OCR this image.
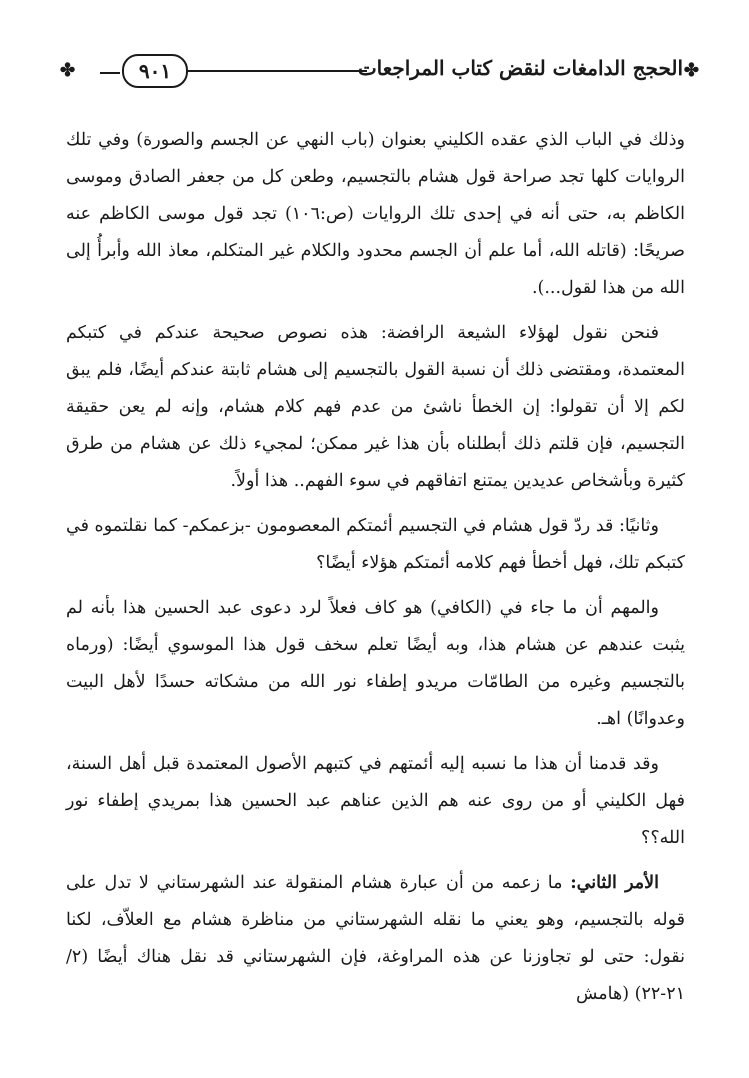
✤
الحجج الدامغات لنقض كتاب المراجعات
٩٠١
✤

وذلك في الباب الذي عقده الكليني بعنوان (باب النهي عن الجسم والصورة) وفي تلك الروايات كلها تجد صراحة قول هشام بالتجسيم، وطعن كل من جعفر الصادق وموسى الكاظم به، حتى أنه في إحدى تلك الروايات (ص:١٠٦) تجد قول موسى الكاظم عنه صريحًا: (قاتله الله، أما علم أن الجسم محدود والكلام غير المتكلم، معاذ الله وأبرأُ إلى الله من هذا لقول...).

فنحن نقول لهؤلاء الشيعة الرافضة: هذه نصوص صحيحة عندكم في كتبكم المعتمدة، ومقتضى ذلك أن نسبة القول بالتجسيم إلى هشام ثابتة عندكم أيضًا، فلم يبق لكم إلا أن تقولوا: إن الخطأ ناشئ من عدم فهم كلام هشام، وإنه لم يعن حقيقة التجسيم، فإن قلتم ذلك أبطلناه بأن هذا غير ممكن؛ لمجيء ذلك عن هشام من طرق كثيرة وبأشخاص عديدين يمتنع اتفاقهم في سوء الفهم.. هذا أولاً.

وثانيًا: قد ردّ قول هشام في التجسيم أئمتكم المعصومون -بزعمكم- كما نقلتموه في كتبكم تلك، فهل أخطأ فهم كلامه أئمتكم هؤلاء أيضًا؟

والمهم أن ما جاء في (الكافي) هو كاف فعلاً لرد دعوى عبد الحسين هذا بأنه لم يثبت عندهم عن هشام هذا، وبه أيضًا تعلم سخف قول هذا الموسوي أيضًا: (ورماه بالتجسيم وغيره من الطامّات مريدو إطفاء نور الله من مشكاته حسدًا لأهل البيت وعدوانًا) اهـ.

وقد قدمنا أن هذا ما نسبه إليه أئمتهم في كتبهم الأصول المعتمدة قبل أهل السنة، فهل الكليني أو من روى عنه هم الذين عناهم عبد الحسين هذا بمريدي إطفاء نور الله؟؟

الأمر الثاني: ما زعمه من أن عبارة هشام المنقولة عند الشهرستاني لا تدل على قوله بالتجسيم، وهو يعني ما نقله الشهرستاني من مناظرة هشام مع العلاّف، لكنا نقول: حتى لو تجاوزنا عن هذه المراوغة، فإن الشهرستاني قد نقل هناك أيضًا (٢/ ٢١-٢٢) (هامش
